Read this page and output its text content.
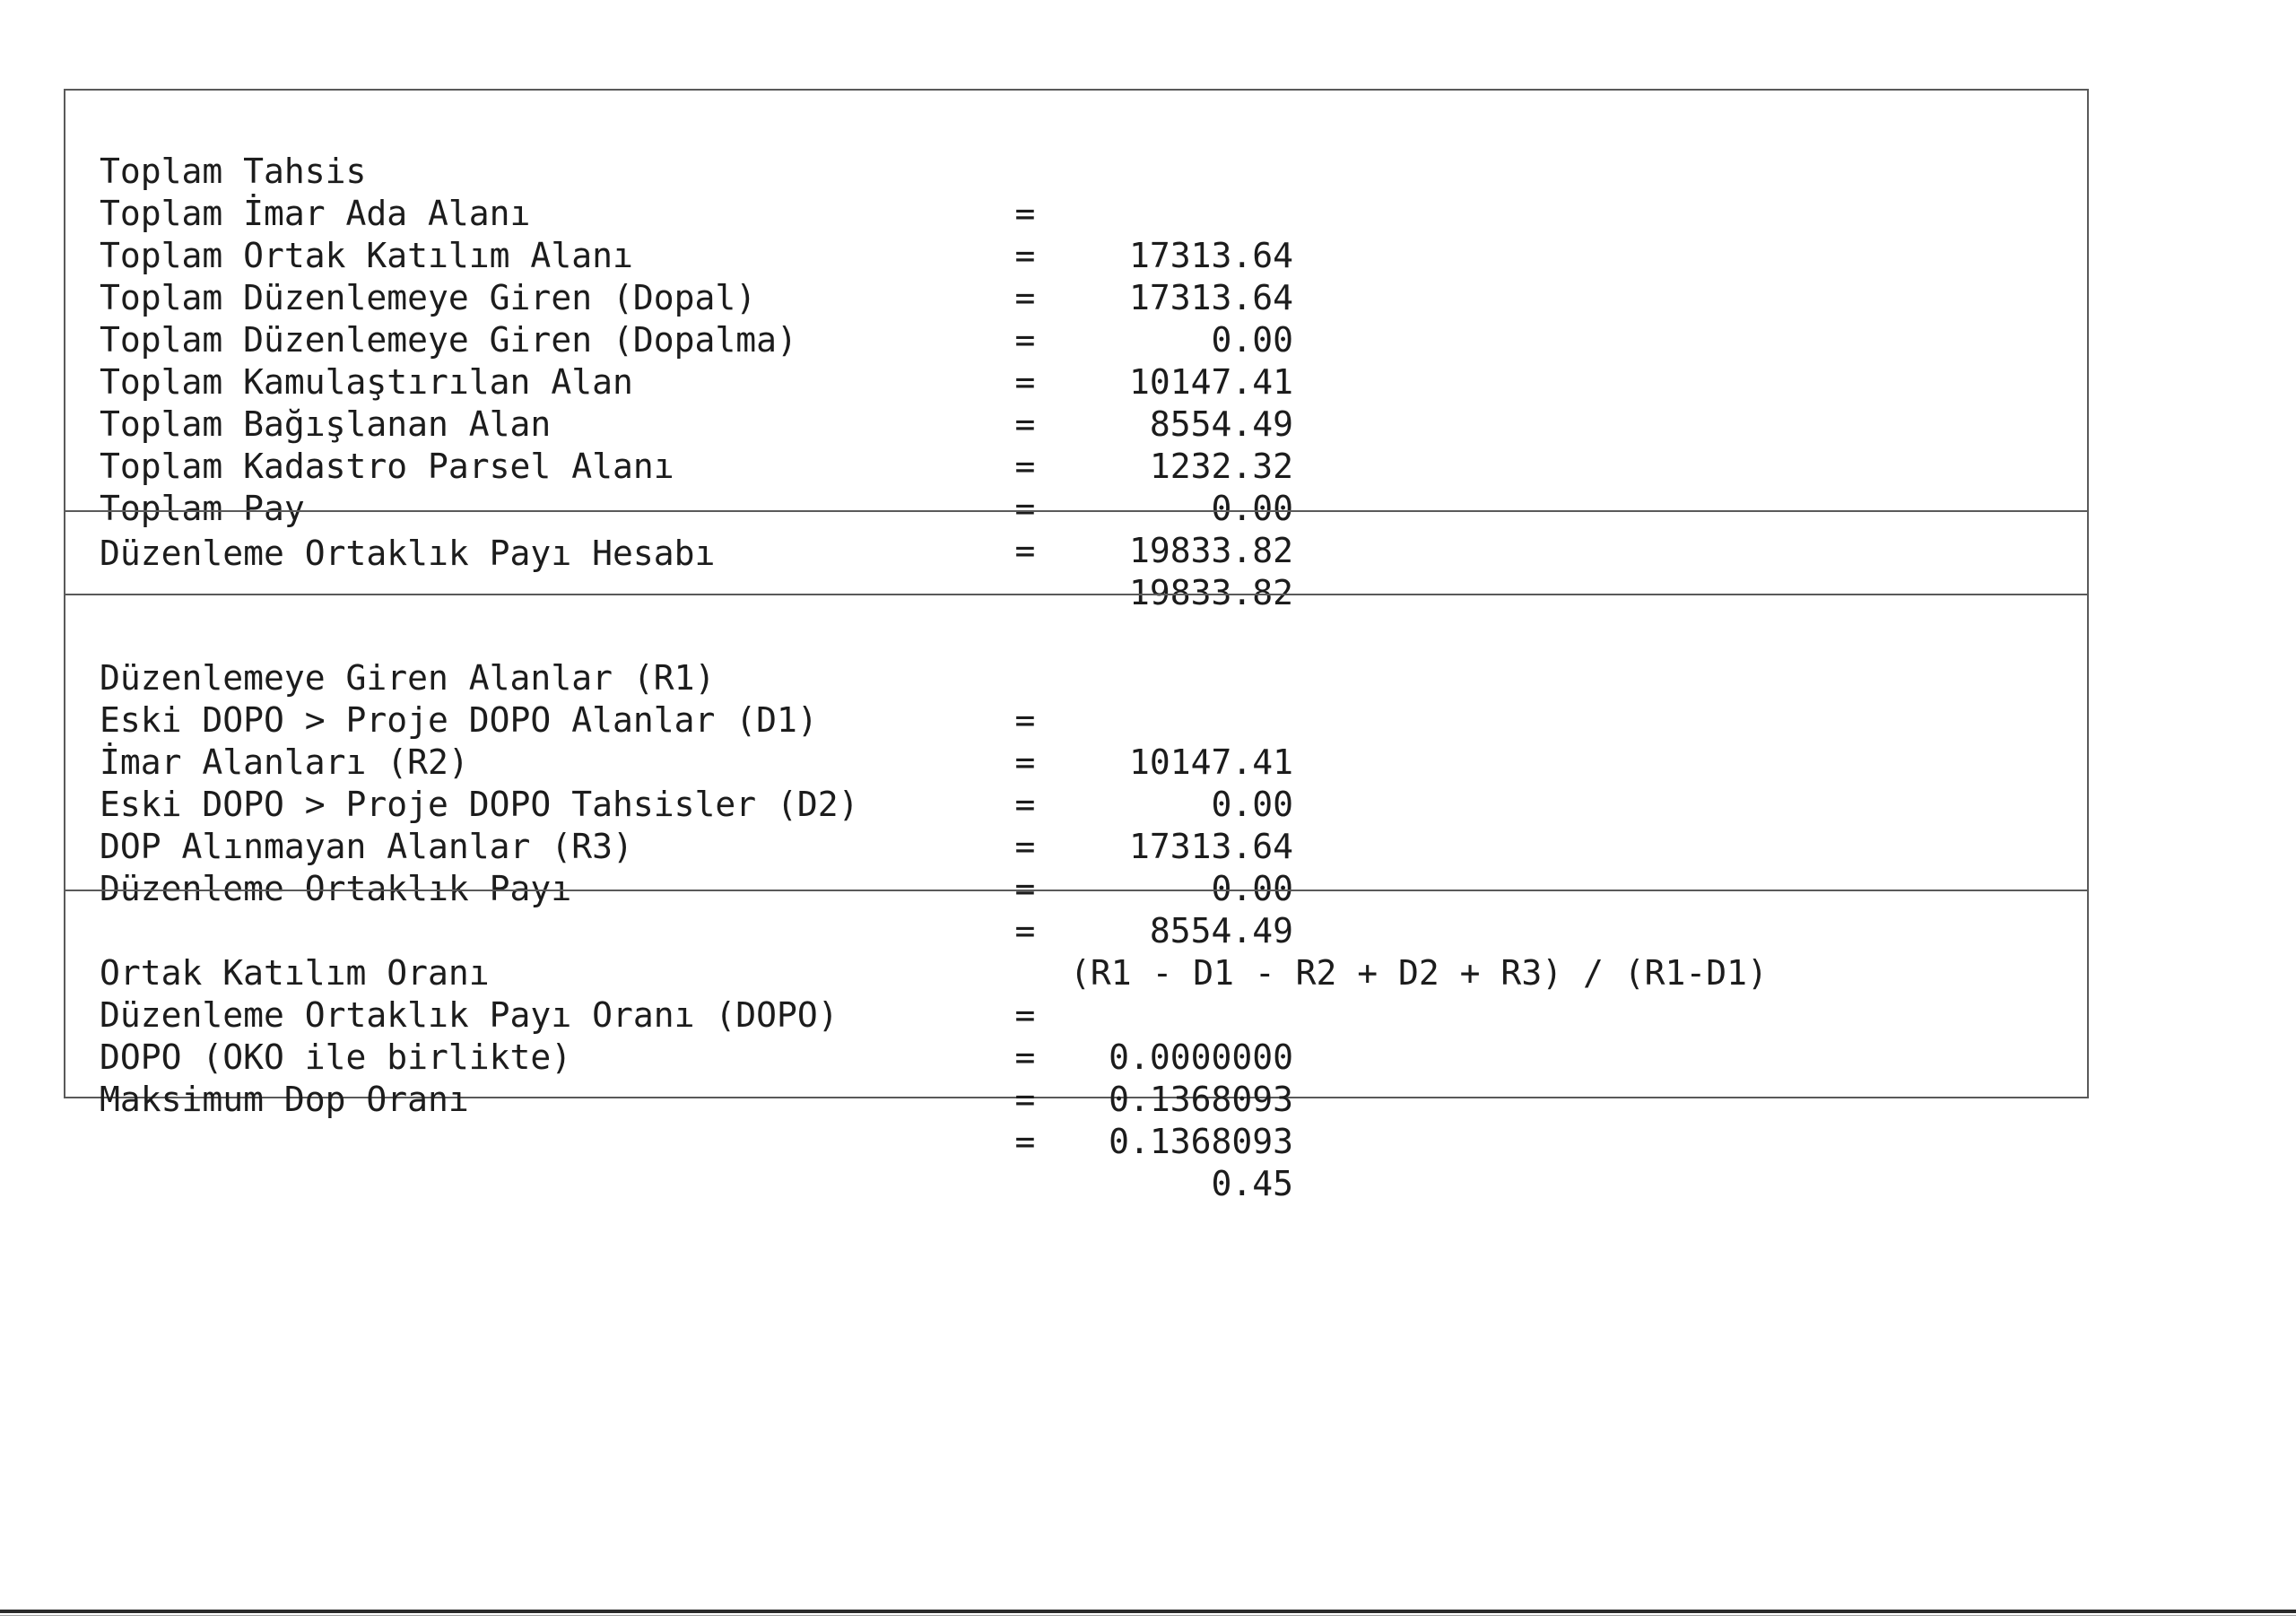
Toplam Tahsis

=

17313.64

Toplam İmar Ada Alanı

=

17313.64

Toplam Ortak Katılım Alanı

=

0.00

Toplam Düzenlemeye Giren (Dopal)

=

10147.41

Toplam Düzenlemeye Giren (Dopalma)

=

8554.49

Toplam Kamulaştırılan Alan

=

1232.32

Toplam Bağışlanan Alan

=

0.00

Toplam Kadastro Parsel Alanı

=

19833.82

Toplam Pay

=

19833.82

Düzenleme Ortaklık Payı Hesabı

Düzenlemeye Giren Alanlar (R1)

=

10147.41

Eski DOPO > Proje DOPO Alanlar (D1)

=

0.00

İmar Alanları (R2)

=

17313.64

Eski DOPO > Proje DOPO Tahsisler (D2)

=

0.00

DOP Alınmayan Alanlar (R3)

=

8554.49

Düzenleme Ortaklık Payı

=

(R1 - D1 - R2 + D2 + R3) / (R1-D1)

Ortak Katılım Oranı

=

0.0000000

Düzenleme Ortaklık Payı Oranı (DOPO)

=

0.1368093

DOPO (OKO ile birlikte)

=

0.1368093

Maksimum Dop Oranı

=

0.45
